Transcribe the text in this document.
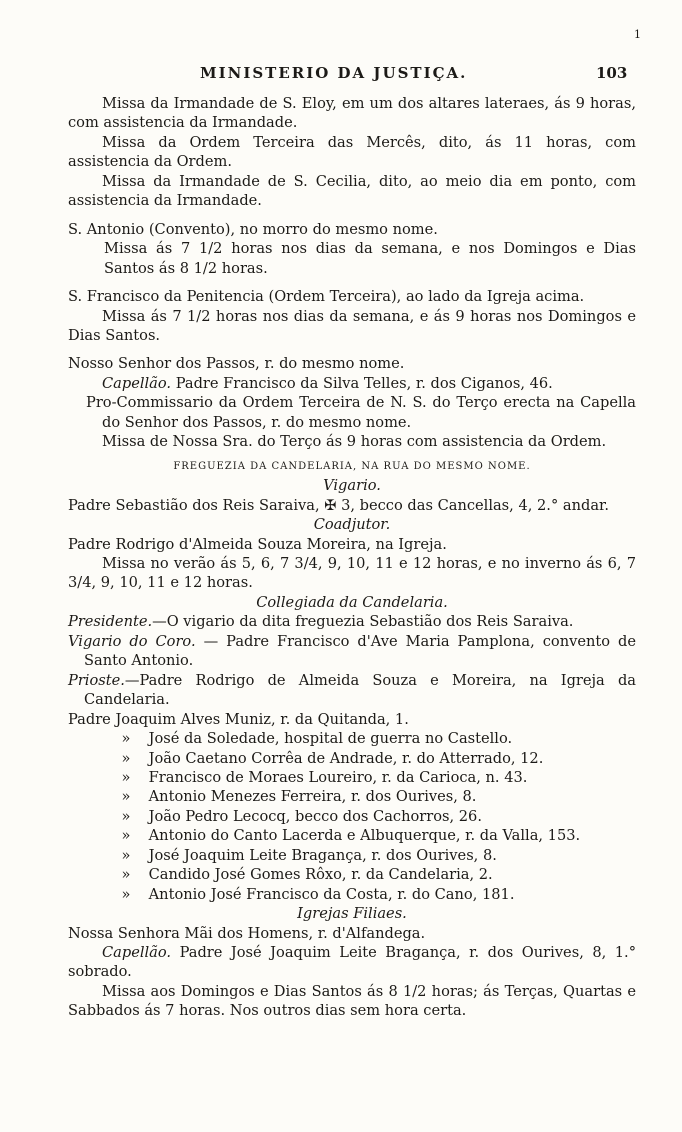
1
MINISTERIO DA JUSTIÇA.	103

Missa da Irmandade de S. Eloy, em um dos altares lateraes, ás 9 horas, com assistencia da Irmandade.

Missa da Ordem Terceira das Mercês, dito, ás 11 horas, com assistencia da Ordem.

Missa da Irmandade de S. Cecilia, dito, ao meio dia em ponto, com assistencia da Irmandade.

S. Antonio (Convento), no morro do mesmo nome.

Missa ás 7 1/2 horas nos dias da semana, e nos Domingos e Dias Santos ás 8 1/2 horas.

S. Francisco da Penitencia (Ordem Terceira), ao lado da Igreja acima.

Missa ás 7 1/2 horas nos dias da semana, e ás 9 horas nos Domingos e Dias Santos.

Nosso Senhor dos Passos, r. do mesmo nome.

Capellão. Padre Francisco da Silva Telles, r. dos Ciganos, 46.

Pro-Commissario da Ordem Terceira de N. S. do Terço erecta na Capella do Senhor dos Passos, r. do mesmo nome.

Missa de Nossa Sra. do Terço ás 9 horas com assistencia da Ordem.

FREGUEZIA DA CANDELARIA, NA RUA DO MESMO NOME.

Vigario.

Padre Sebastião dos Reis Saraiva, ✠ 3, becco das Cancellas, 4, 2.° andar.

Coadjutor.

Padre Rodrigo d'Almeida Souza Moreira, na Igreja.

Missa no verão ás 5, 6, 7 3/4, 9, 10, 11 e 12 horas, e no inverno ás 6, 7 3/4, 9, 10, 11 e 12 horas.

Collegiada da Candelaria.

Presidente.—O vigario da dita freguezia Sebastião dos Reis Saraiva.

Vigario do Coro. — Padre Francisco d'Ave Maria Pamplona, convento de Santo Antonio.

Prioste.—Padre Rodrigo de Almeida Souza e Moreira, na Igreja da Candelaria.

Padre Joaquim Alves Muniz, r. da Quitanda, 1.

» José da Soledade, hospital de guerra no Castello.

» João Caetano Corrêa de Andrade, r. do Atterrado, 12.

» Francisco de Moraes Loureiro, r. da Carioca, n. 43.

» Antonio Menezes Ferreira, r. dos Ourives, 8.

» João Pedro Lecocq, becco dos Cachorros, 26.

» Antonio do Canto Lacerda e Albuquerque, r. da Valla, 153.

» José Joaquim Leite Bragança, r. dos Ourives, 8.

» Candido José Gomes Rôxo, r. da Candelaria, 2.

» Antonio José Francisco da Costa, r. do Cano, 181.

Igrejas Filiaes.

Nossa Senhora Mãi dos Homens, r. d'Alfandega.

Capellão. Padre José Joaquim Leite Bragança, r. dos Ourives, 8, 1.° sobrado.

Missa aos Domingos e Dias Santos ás 8 1/2 horas; ás Terças, Quartas e Sabbados ás 7 horas. Nos outros dias sem hora certa.
